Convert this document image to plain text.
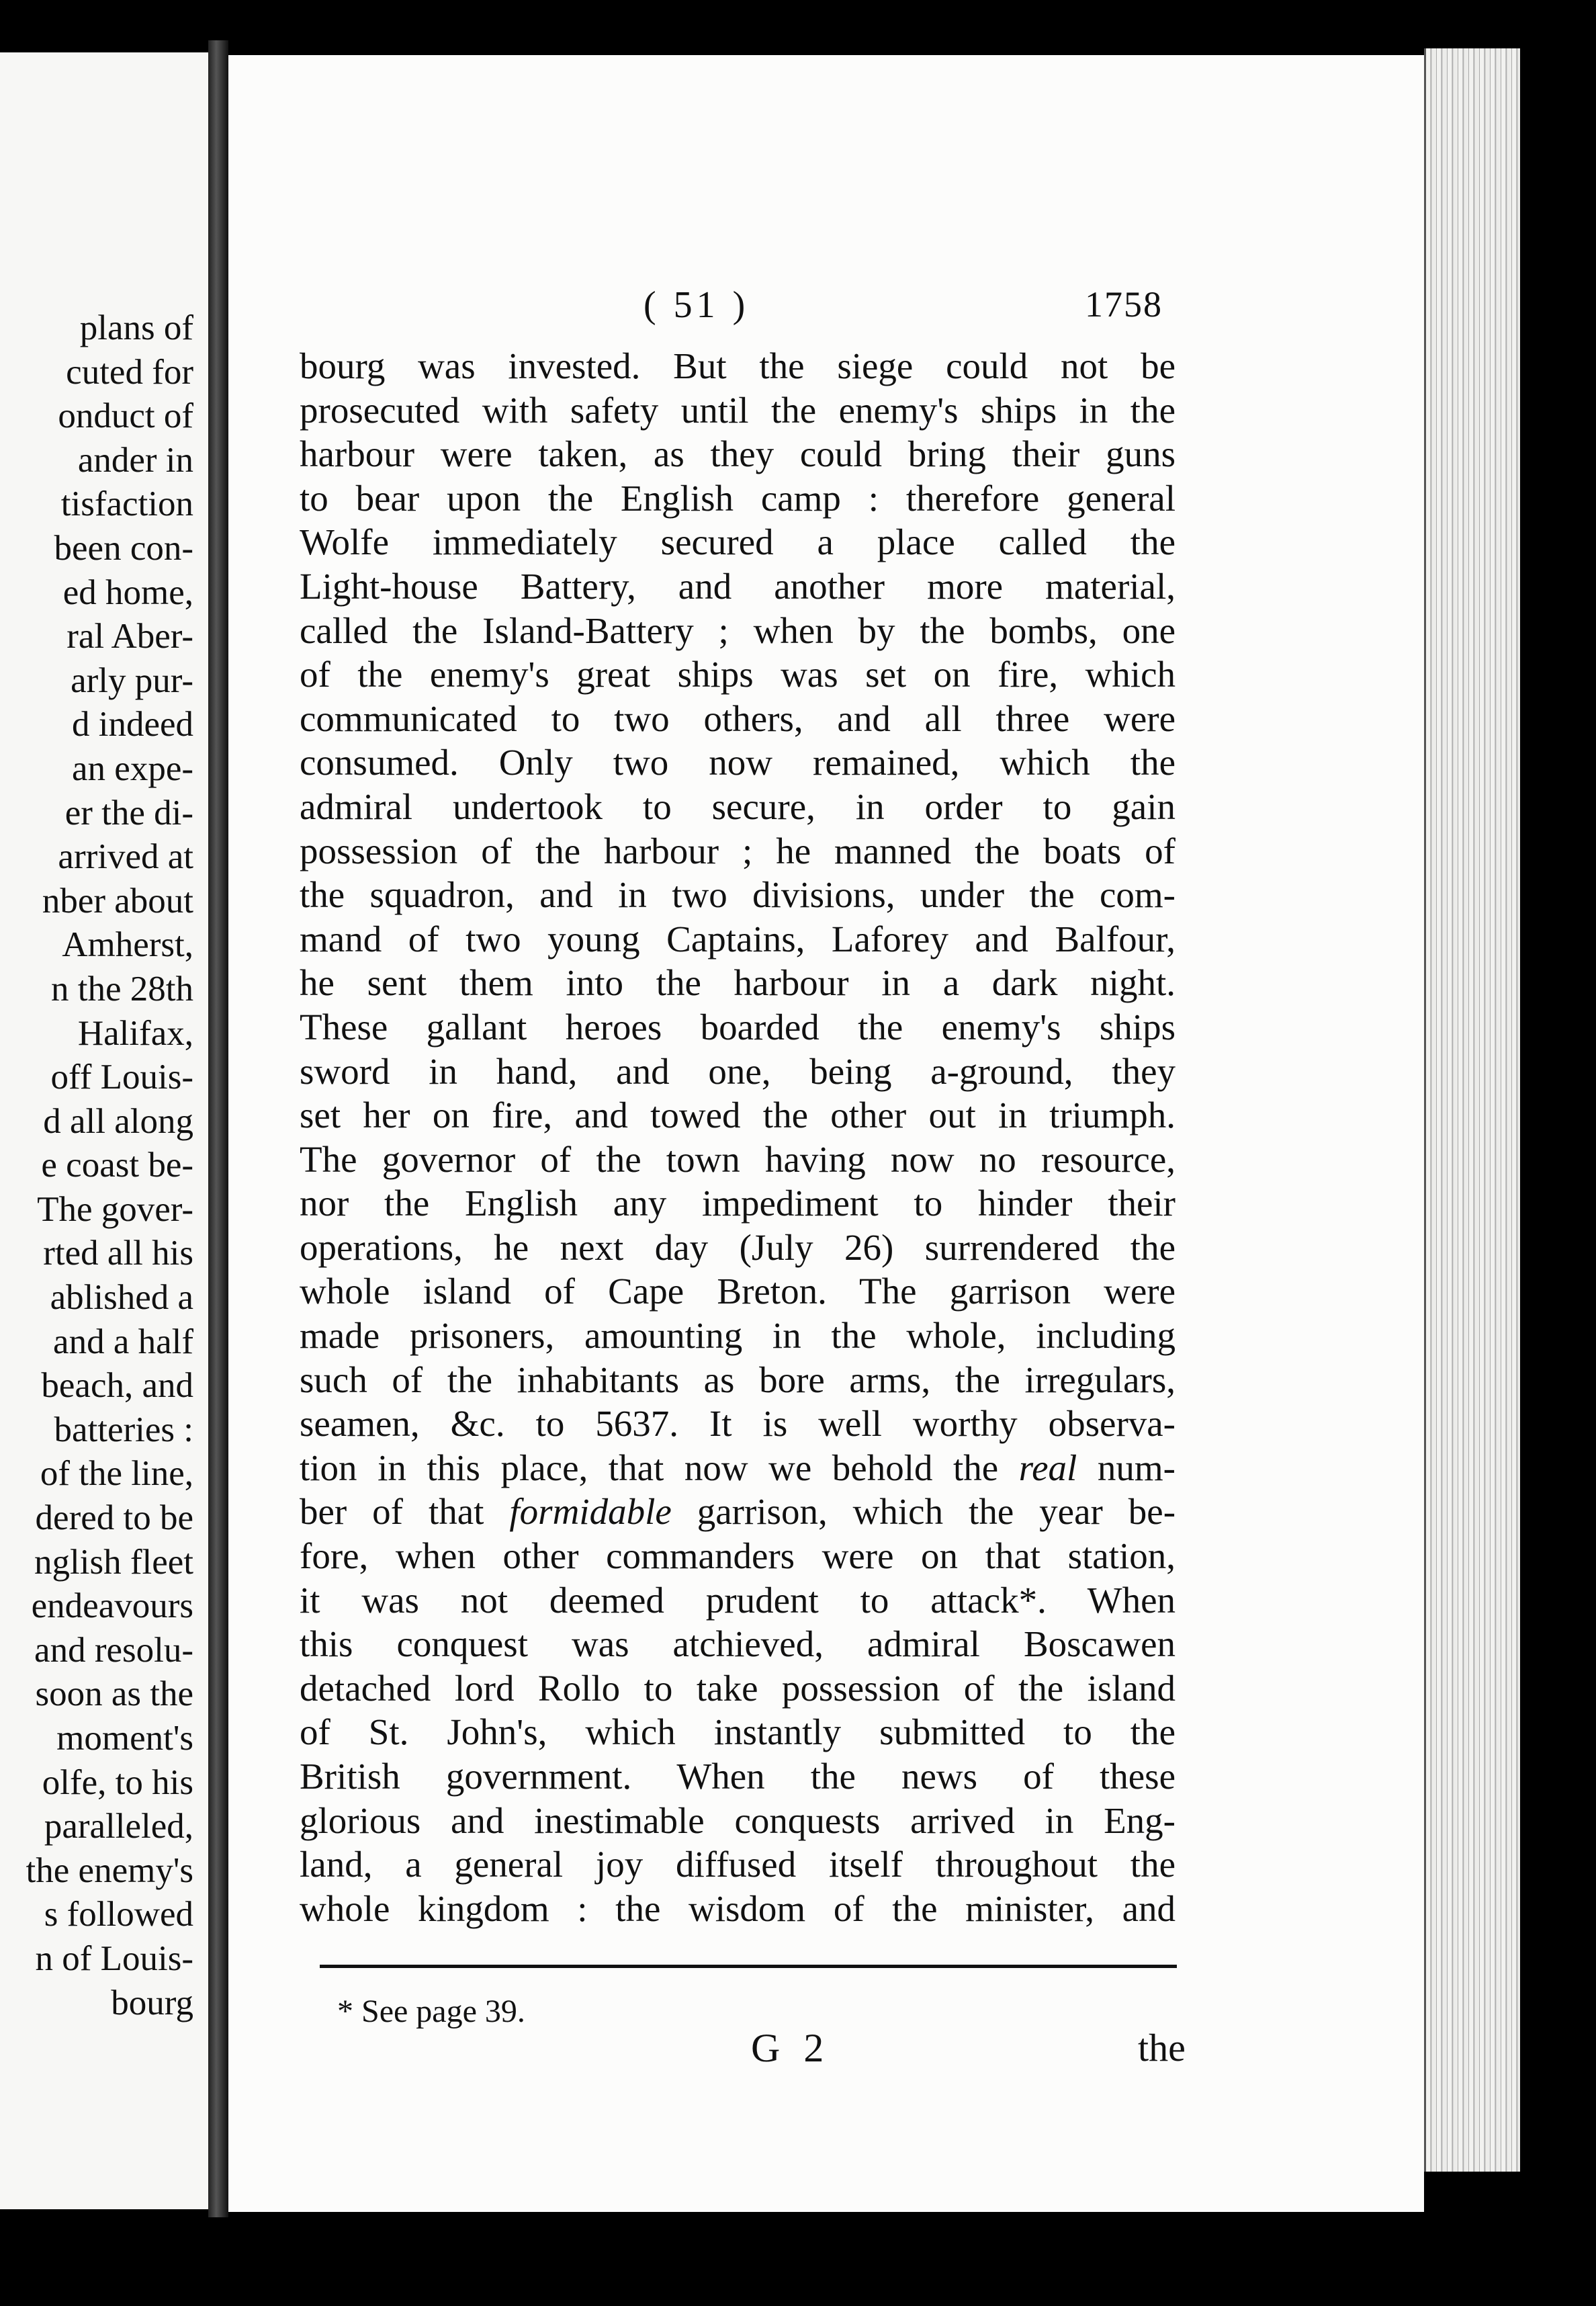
plans of
cuted for
onduct of
ander in
tisfaction
been con-
ed home,
ral Aber-
arly pur-
d indeed
an expe-
er the di-
arrived at
nber about
Amherst,
n the 28th
Halifax,
off Louis-
d all along
e coast be-
The gover-
rted all his
ablished a
and a half
beach, and
batteries :
of the line,
dered to be
nglish fleet
endeavours
and resolu-
soon as the
moment's
olfe, to his
paralleled,
the enemy's
s followed
n of Louis-
bourg
( 51 )	1758
bourg was invested. But the siege could not be
prosecuted with safety until the enemy's ships in the
harbour were taken, as they could bring their guns
to bear upon the English camp : therefore general
Wolfe immediately secured a place called the
Light-house Battery, and another more material,
called the Island-Battery ; when by the bombs, one
of the enemy's great ships was set on fire, which
communicated to two others, and all three were
consumed. Only two now remained, which the
admiral undertook to secure, in order to gain
possession of the harbour ; he manned the boats of
the squadron, and in two divisions, under the com-
mand of two young Captains, Laforey and Balfour,
he sent them into the harbour in a dark night.
These gallant heroes boarded the enemy's ships
sword in hand, and one, being a-ground, they
set her on fire, and towed the other out in triumph.
The governor of the town having now no resource,
nor the English any impediment to hinder their
operations, he next day (July 26) surrendered the
whole island of Cape Breton. The garrison were
made prisoners, amounting in the whole, including
such of the inhabitants as bore arms, the irregulars,
seamen, &c. to 5637. It is well worthy observa-
tion in this place, that now we behold the real num-
ber of that formidable garrison, which the year be-
fore, when other commanders were on that station,
it was not deemed prudent to attack*. When
this conquest was atchieved, admiral Boscawen
detached lord Rollo to take possession of the island
of St. John's, which instantly submitted to the
British government. When the news of these
glorious and inestimable conquests arrived in Eng-
land, a general joy diffused itself throughout the
whole kingdom : the wisdom of the minister, and
* See page 39.
G 2	the
